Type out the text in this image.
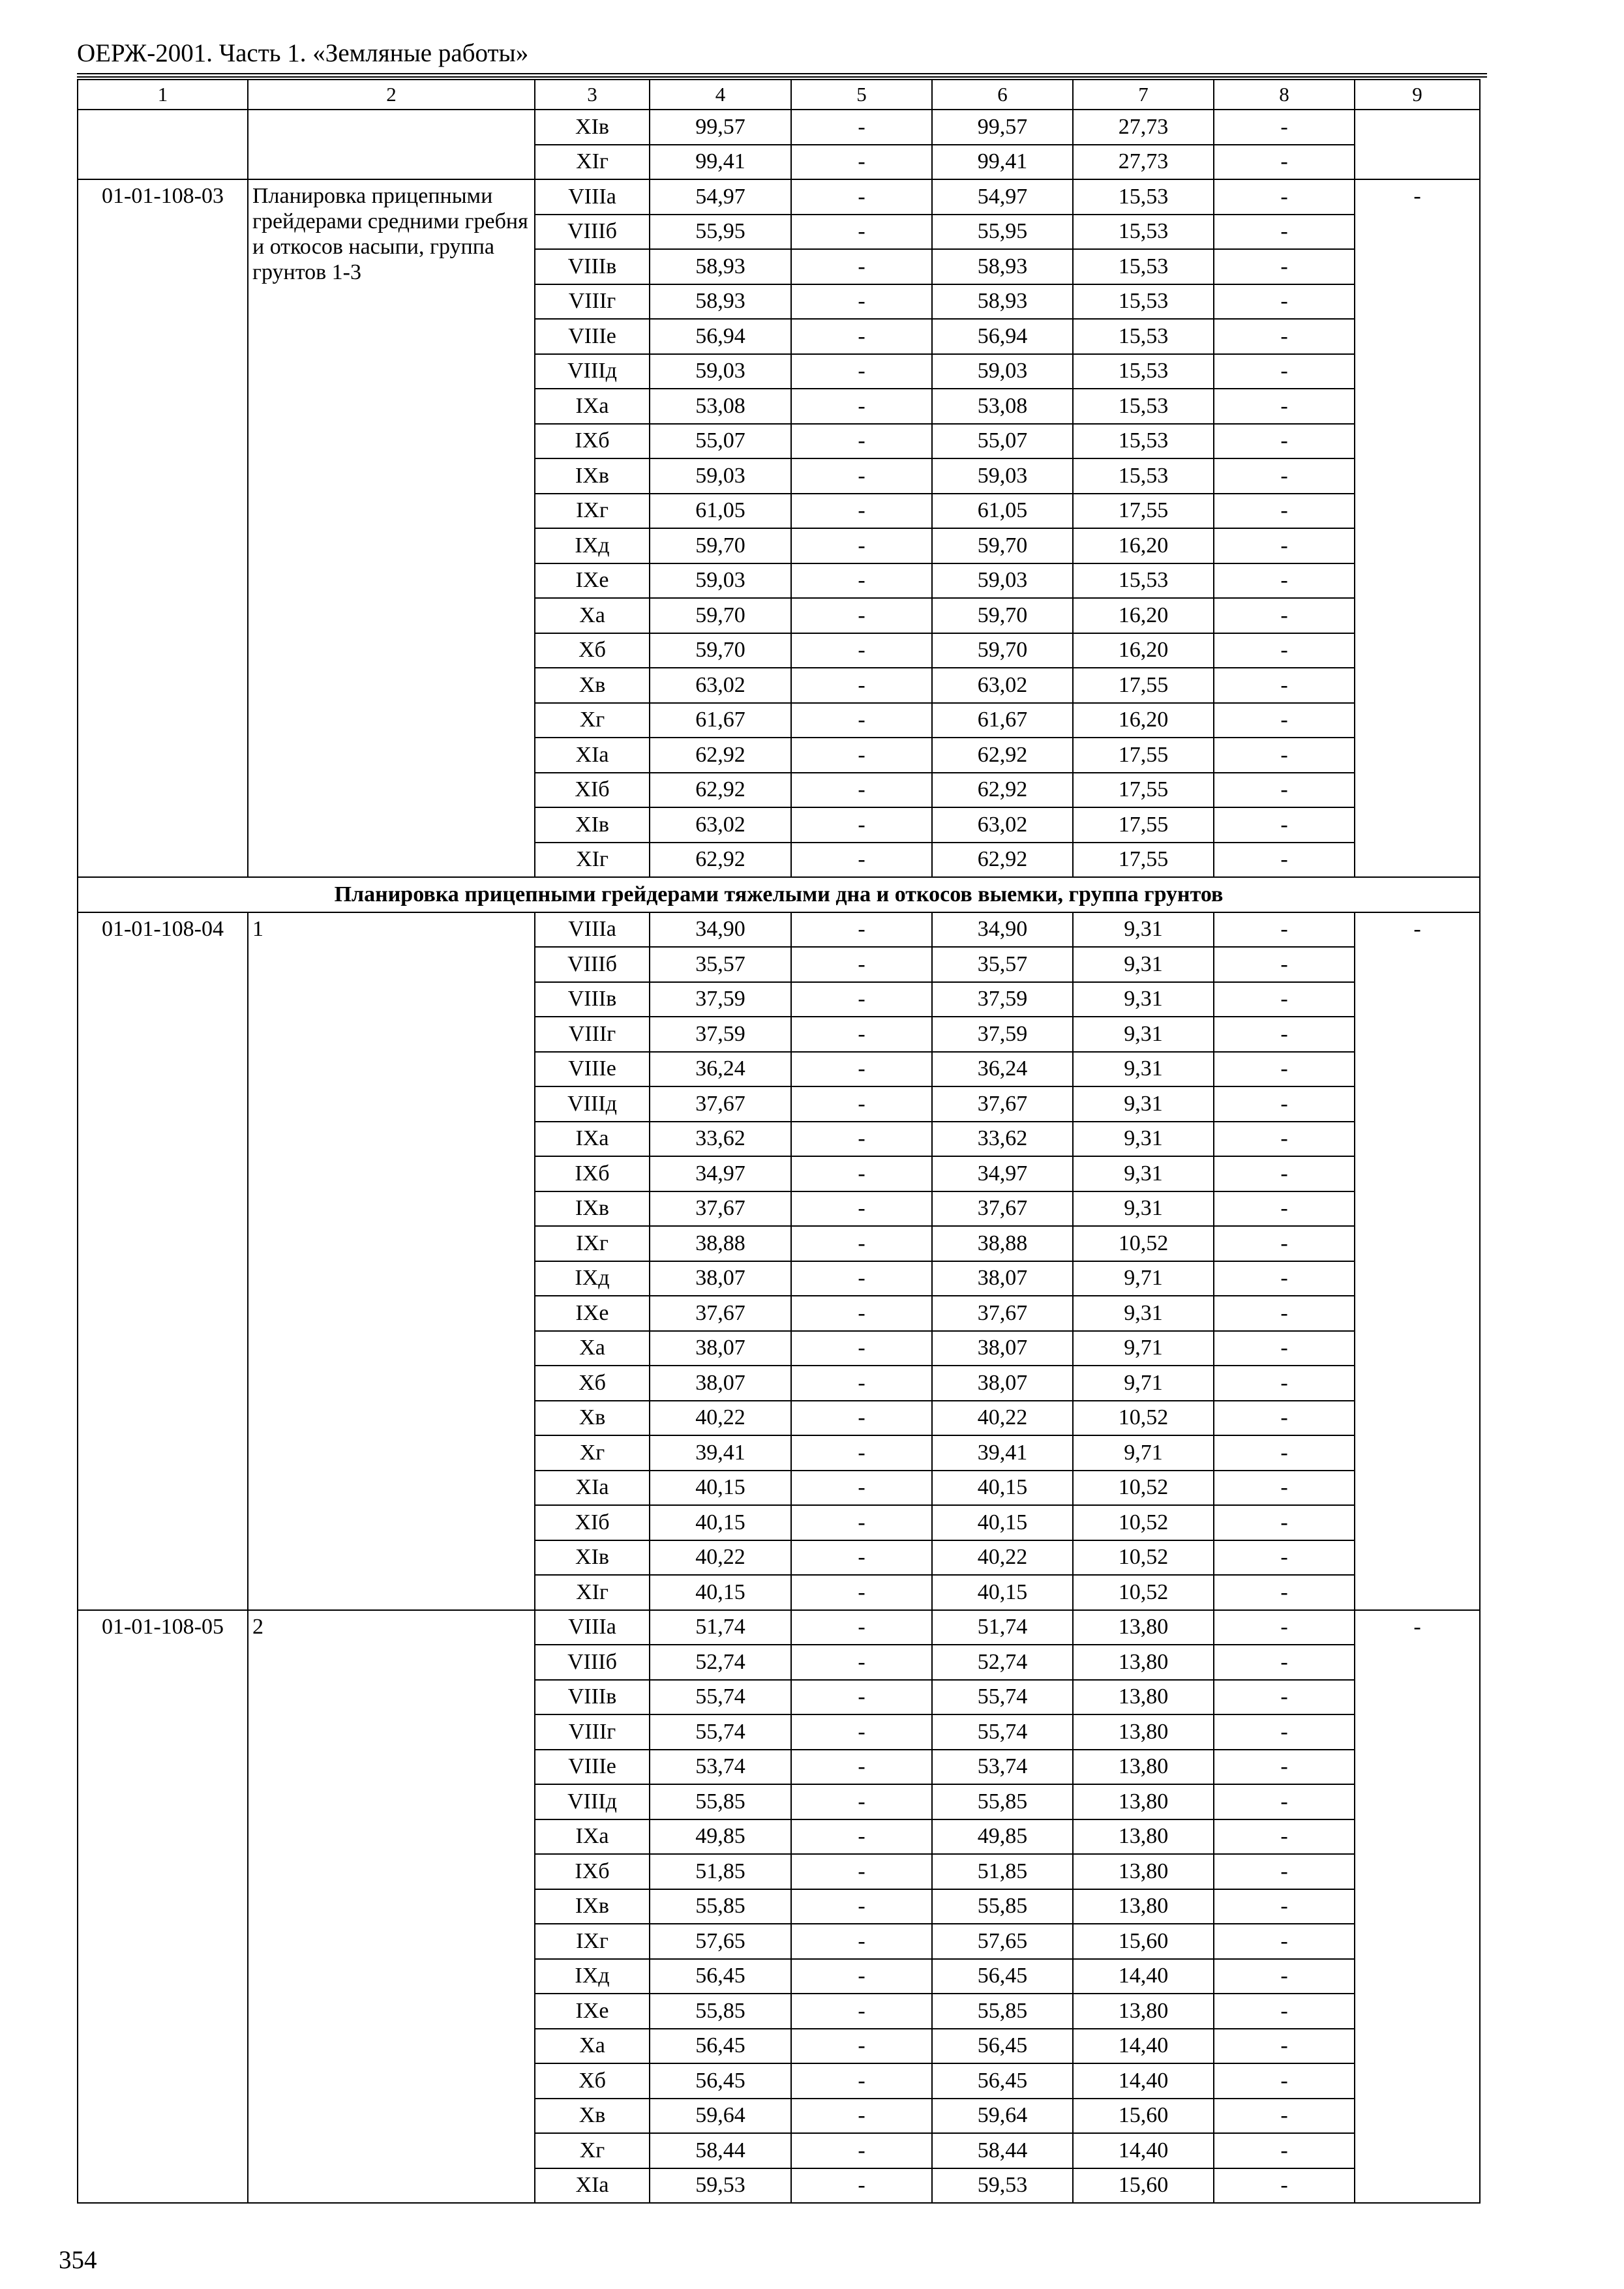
ОЕРЖ-2001. Часть 1. «Земляные работы»
1	2	3	4	5	6	7	8	9
		XIв	99,57	-	99,57	27,73	-	
		XIг	99,41	-	99,41	27,73	-	
01-01-108-03	Планировка прицепными грейдерами средними гребня и откосов насыпи, группа грунтов 1-3	VIIIа	54,97	-	54,97	15,53	-	-
		VIIIб	55,95	-	55,95	15,53	-	
		VIIIв	58,93	-	58,93	15,53	-	
		VIIIг	58,93	-	58,93	15,53	-	
		VIIIе	56,94	-	56,94	15,53	-	
		VIIIд	59,03	-	59,03	15,53	-	
		IXа	53,08	-	53,08	15,53	-	
		IXб	55,07	-	55,07	15,53	-	
		IXв	59,03	-	59,03	15,53	-	
		IXг	61,05	-	61,05	17,55	-	
		IXд	59,70	-	59,70	16,20	-	
		IXе	59,03	-	59,03	15,53	-	
		Xа	59,70	-	59,70	16,20	-	
		Xб	59,70	-	59,70	16,20	-	
		Xв	63,02	-	63,02	17,55	-	
		Xг	61,67	-	61,67	16,20	-	
		XIа	62,92	-	62,92	17,55	-	
		XIб	62,92	-	62,92	17,55	-	
		XIв	63,02	-	63,02	17,55	-	
		XIг	62,92	-	62,92	17,55	-	
Планировка прицепными грейдерами тяжелыми дна и откосов выемки, группа грунтов								
01-01-108-04	1	VIIIа	34,90	-	34,90	9,31	-	-
		VIIIб	35,57	-	35,57	9,31	-	
		VIIIв	37,59	-	37,59	9,31	-	
		VIIIг	37,59	-	37,59	9,31	-	
		VIIIе	36,24	-	36,24	9,31	-	
		VIIIд	37,67	-	37,67	9,31	-	
		IXа	33,62	-	33,62	9,31	-	
		IXб	34,97	-	34,97	9,31	-	
		IXв	37,67	-	37,67	9,31	-	
		IXг	38,88	-	38,88	10,52	-	
		IXд	38,07	-	38,07	9,71	-	
		IXе	37,67	-	37,67	9,31	-	
		Xа	38,07	-	38,07	9,71	-	
		Xб	38,07	-	38,07	9,71	-	
		Xв	40,22	-	40,22	10,52	-	
		Xг	39,41	-	39,41	9,71	-	
		XIа	40,15	-	40,15	10,52	-	
		XIб	40,15	-	40,15	10,52	-	
		XIв	40,22	-	40,22	10,52	-	
		XIг	40,15	-	40,15	10,52	-	
01-01-108-05	2	VIIIа	51,74	-	51,74	13,80	-	-
		VIIIб	52,74	-	52,74	13,80	-	
		VIIIв	55,74	-	55,74	13,80	-	
		VIIIг	55,74	-	55,74	13,80	-	
		VIIIе	53,74	-	53,74	13,80	-	
		VIIIд	55,85	-	55,85	13,80	-	
		IXа	49,85	-	49,85	13,80	-	
		IXб	51,85	-	51,85	13,80	-	
		IXв	55,85	-	55,85	13,80	-	
		IXг	57,65	-	57,65	15,60	-	
		IXд	56,45	-	56,45	14,40	-	
		IXе	55,85	-	55,85	13,80	-	
		Xа	56,45	-	56,45	14,40	-	
		Xб	56,45	-	56,45	14,40	-	
		Xв	59,64	-	59,64	15,60	-	
		Xг	58,44	-	58,44	14,40	-	
		XIа	59,53	-	59,53	15,60	-	
354
